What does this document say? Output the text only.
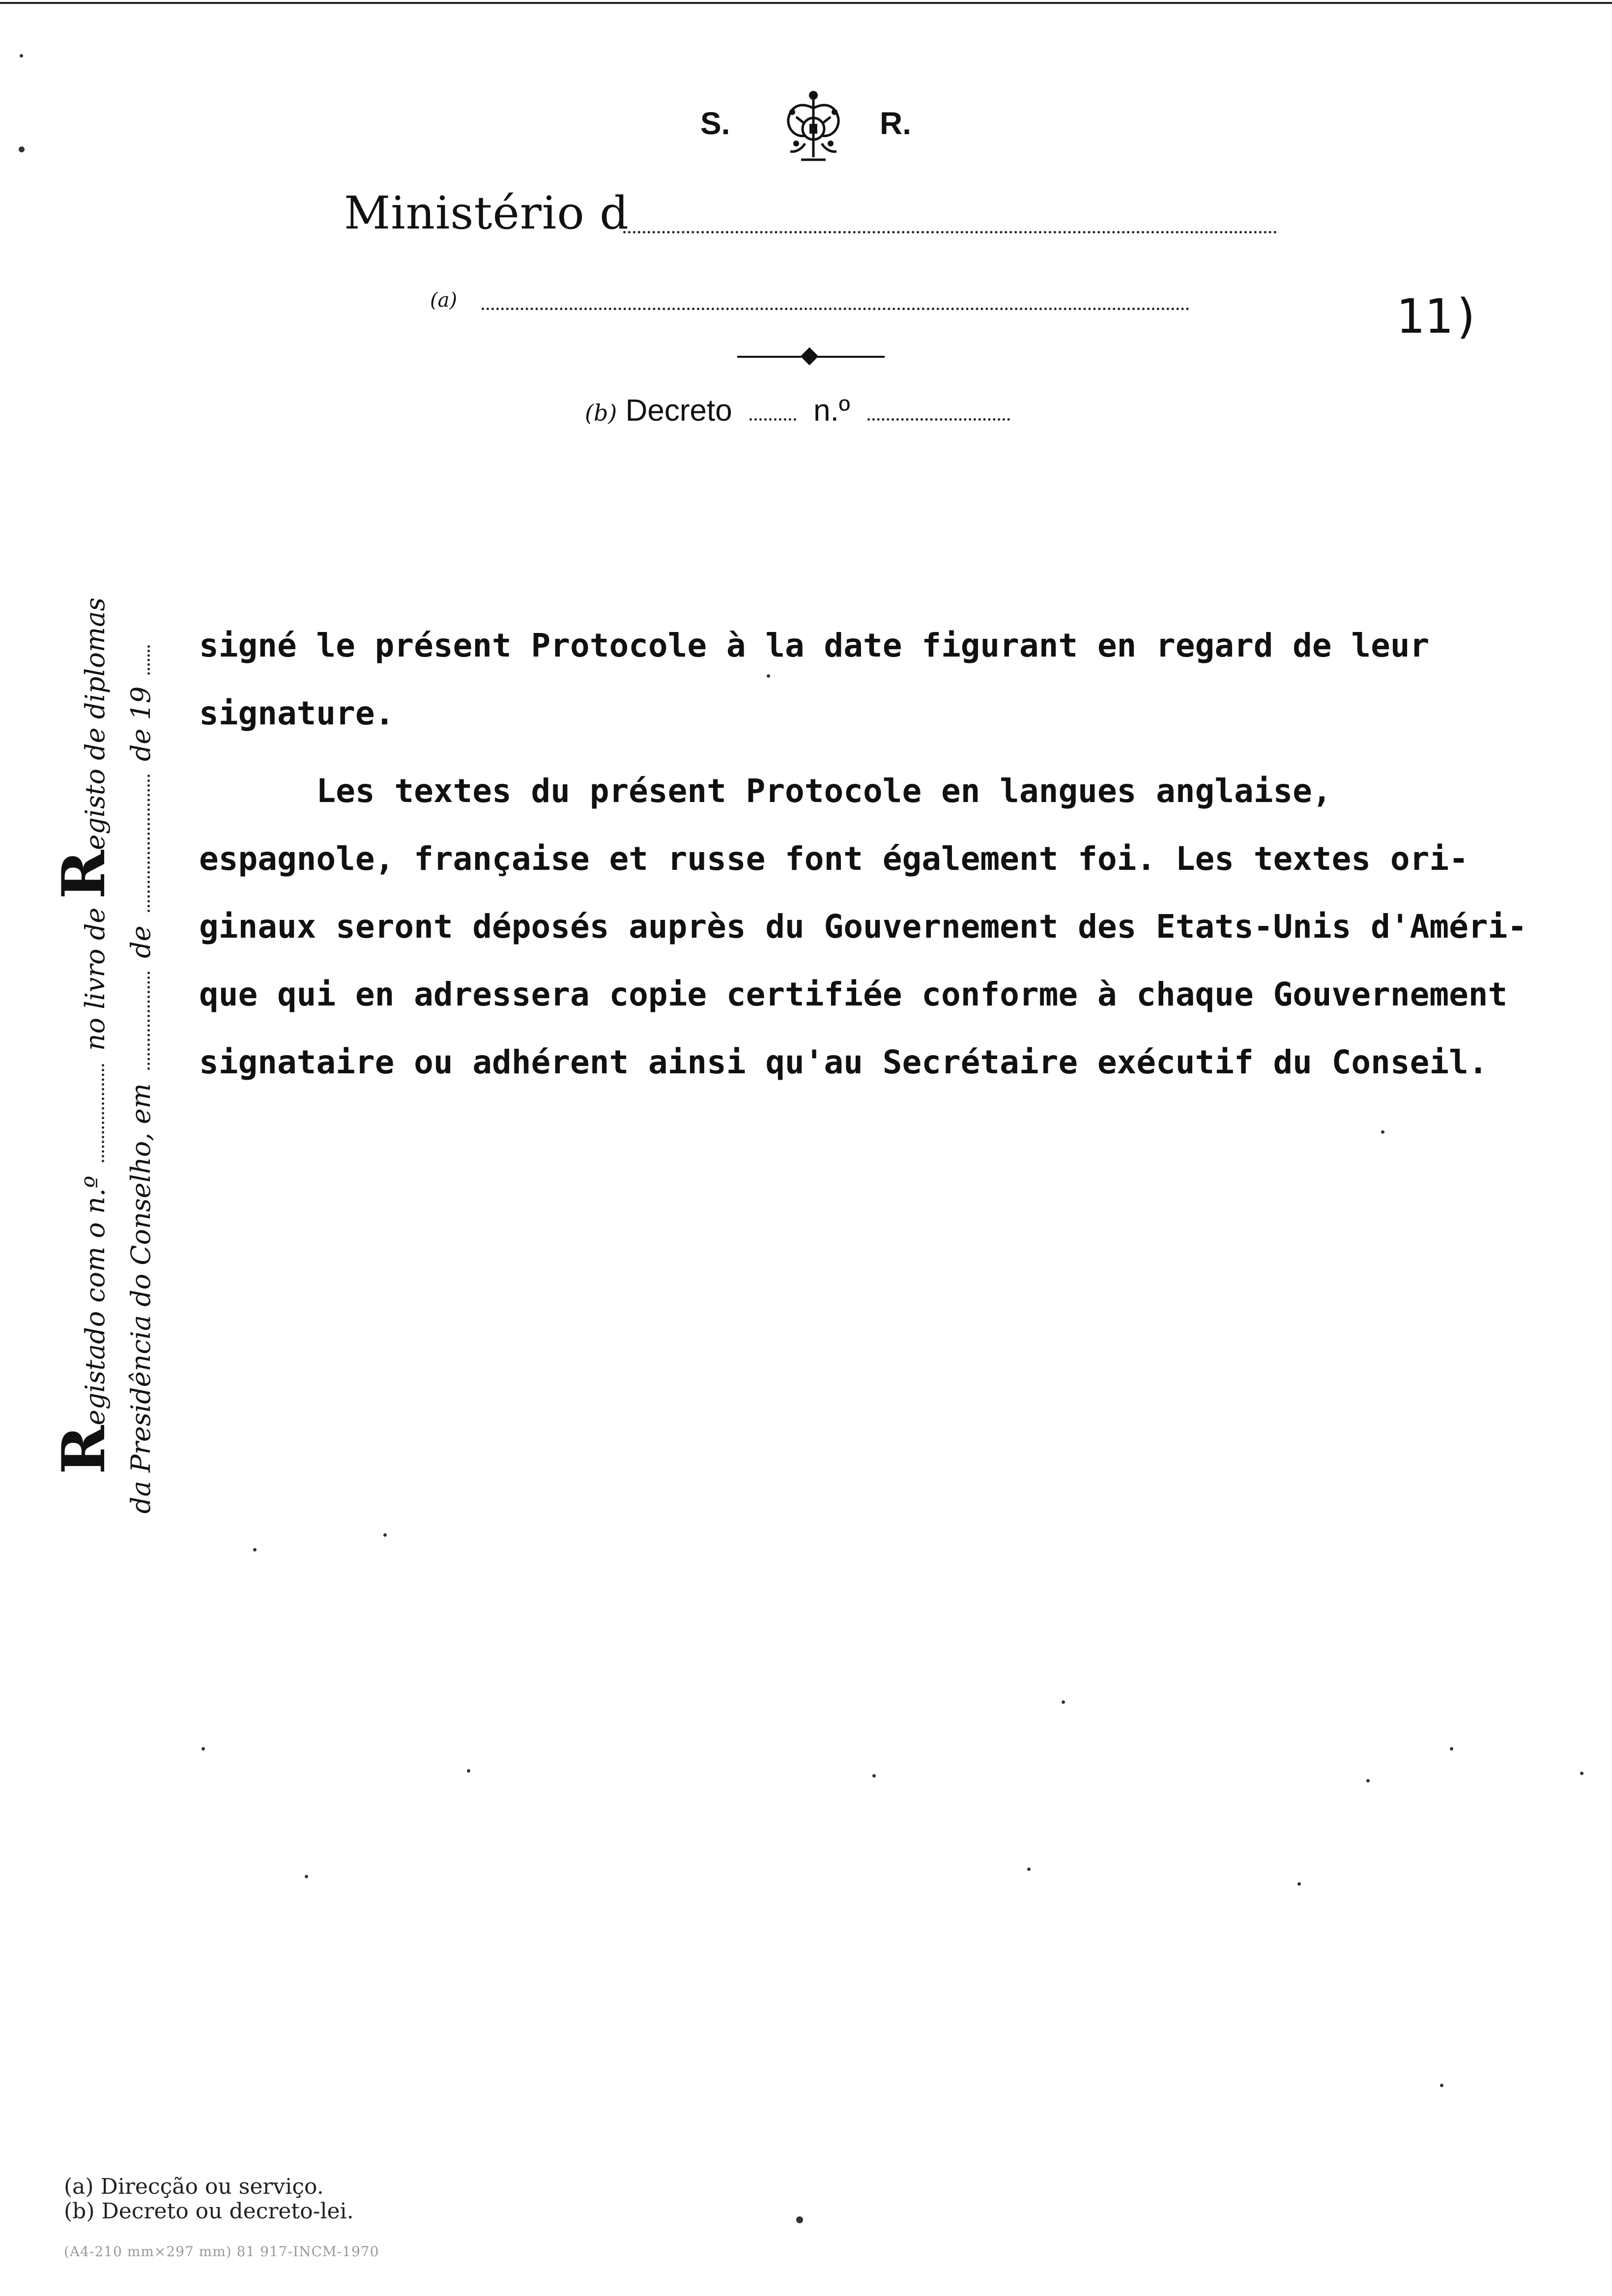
S.	R.
Ministério d
(a)	11)
(b) Decreto	n.º

signé le présent Protocole à la date figurant en regard de leur

signature.

Les textes du présent Protocole en langues anglaise,

espagnole, française et russe font également foi. Les textes ori-

ginaux seront déposés auprès du Gouvernement des Etats-Unis d'Améri-

que qui en adressera copie certifiée conforme à chaque Gouvernement

signataire ou adhérent ainsi qu'au Secrétaire exécutif du Conseil.

Registado com o n.º  no livro de Registo de diplomas
da Presidência do Conselho, em  de  de 19
(a) Direcção ou serviço.
(b) Decreto ou decreto-lei.
(A4-210 mm×297 mm) 81 917-INCM-1970
